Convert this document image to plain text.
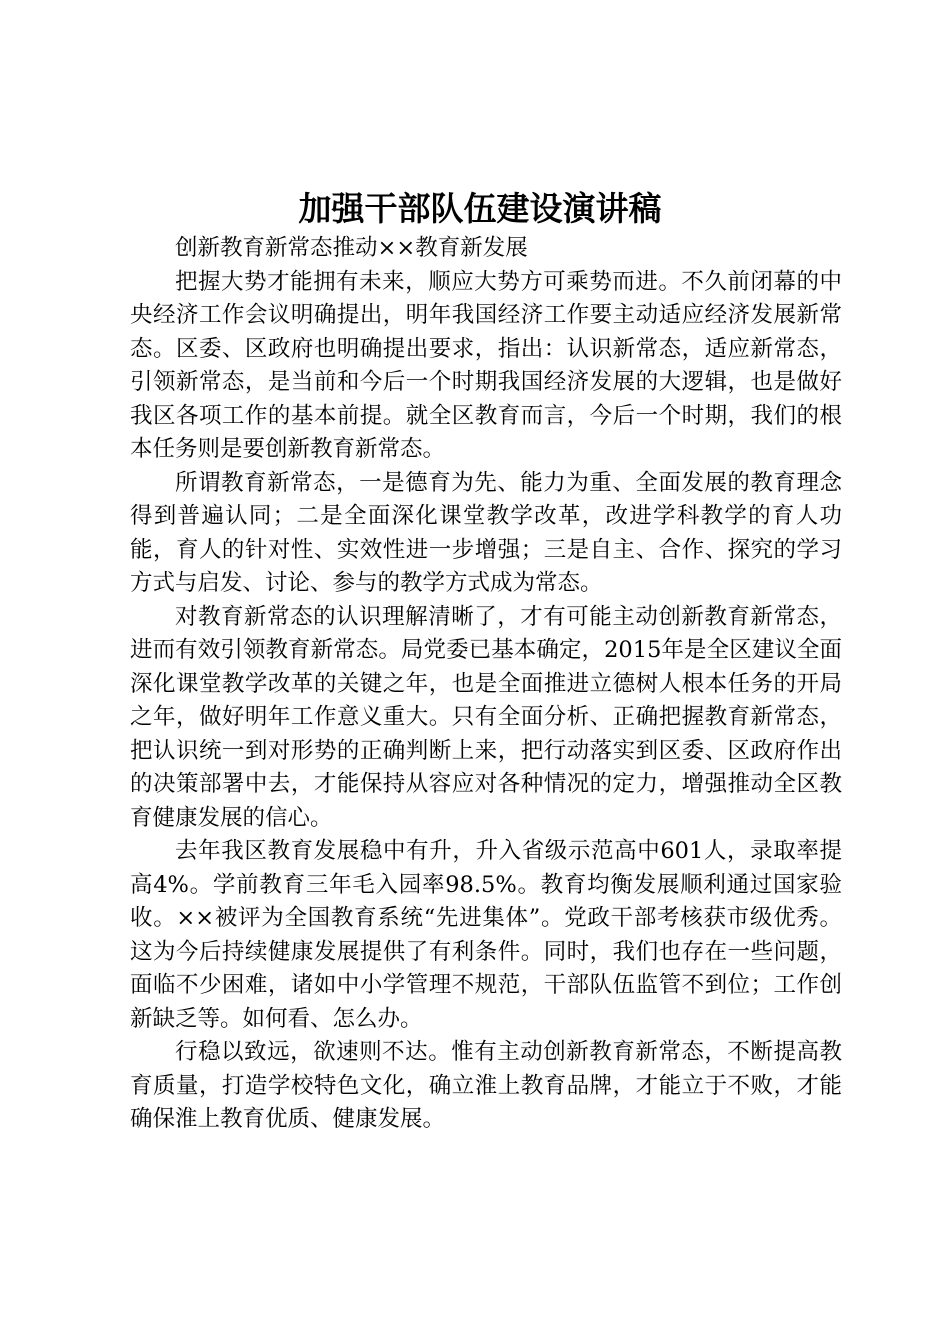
加强干部队伍建设演讲稿

创新教育新常态推动××教育新发展

把握大势才能拥有未来，顺应大势方可乘势而进。不久前闭幕的中央经济工作会议明确提出，明年我国经济工作要主动适应经济发展新常态。区委、区政府也明确提出要求，指出：认识新常态，适应新常态，引领新常态，是当前和今后一个时期我国经济发展的大逻辑，也是做好我区各项工作的基本前提。就全区教育而言，今后一个时期，我们的根本任务则是要创新教育新常态。

所谓教育新常态，一是德育为先、能力为重、全面发展的教育理念得到普遍认同；二是全面深化课堂教学改革，改进学科教学的育人功能，育人的针对性、实效性进一步增强；三是自主、合作、探究的学习方式与启发、讨论、参与的教学方式成为常态。

对教育新常态的认识理解清晰了，才有可能主动创新教育新常态，进而有效引领教育新常态。局党委已基本确定，2015年是全区建议全面深化课堂教学改革的关键之年，也是全面推进立德树人根本任务的开局之年，做好明年工作意义重大。只有全面分析、正确把握教育新常态，把认识统一到对形势的正确判断上来，把行动落实到区委、区政府作出的决策部署中去，才能保持从容应对各种情况的定力，增强推动全区教育健康发展的信心。

去年我区教育发展稳中有升，升入省级示范高中601人，录取率提高4%。学前教育三年毛入园率98.5%。教育均衡发展顺利通过国家验收。××被评为全国教育系统“先进集体”。党政干部考核获市级优秀。这为今后持续健康发展提供了有利条件。同时，我们也存在一些问题，面临不少困难，诸如中小学管理不规范，干部队伍监管不到位；工作创新缺乏等。如何看、怎么办。

行稳以致远，欲速则不达。惟有主动创新教育新常态，不断提高教育质量，打造学校特色文化，确立淮上教育品牌，才能立于不败，才能确保淮上教育优质、健康发展。
